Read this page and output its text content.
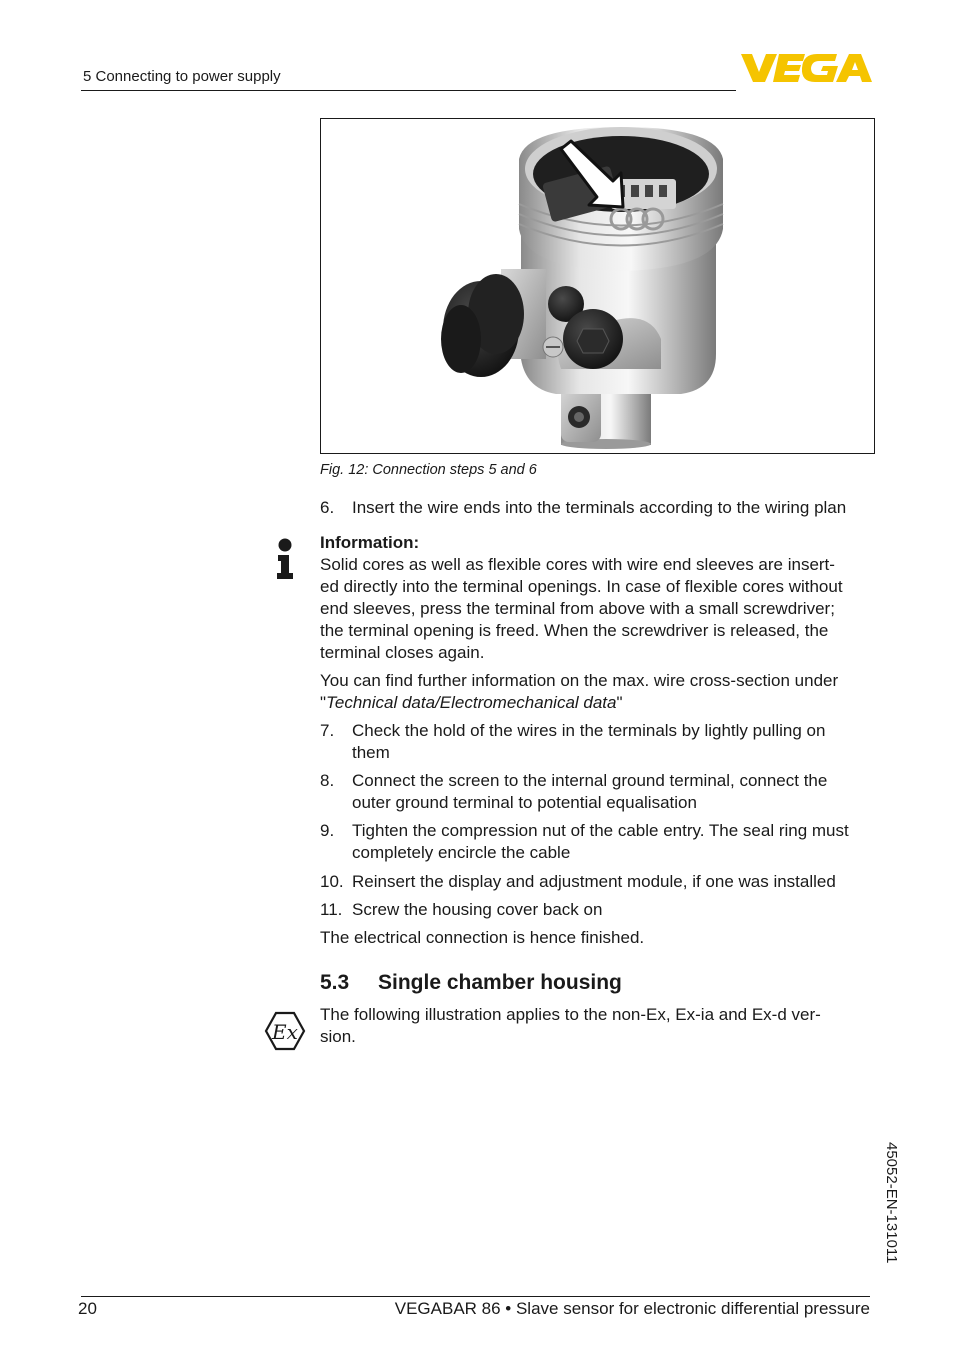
5 Connecting to power supply
Fig. 12: Connection steps 5 and 6
6.	Insert the wire ends into the terminals according to the wiring plan
Information:
Solid cores as well as flexible cores with wire end sleeves are insert-
ed directly into the terminal openings. In case of flexible cores without
end sleeves, press the terminal from above with a small screwdriver;
the terminal opening is freed. When the screwdriver is released, the
terminal closes again.
You can find further information on the max. wire cross-section under
"Technical data/Electromechanical data"
7.	Check the hold of the wires in the terminals by lightly pulling on
them
8.	Connect the screen to the internal ground terminal, connect the
outer ground terminal to potential equalisation
9.	Tighten the compression nut of the cable entry. The seal ring must
completely encircle the cable
10. Reinsert the display and adjustment module, if one was installed
11. Screw the housing cover back on
The electrical connection is hence finished.
5.3 Single chamber housing
Ex
The following illustration applies to the non-Ex, Ex-ia and Ex-d ver-
sion.
45052-EN-131011
20	VEGABAR 86 • Slave sensor for electronic differential pressure
